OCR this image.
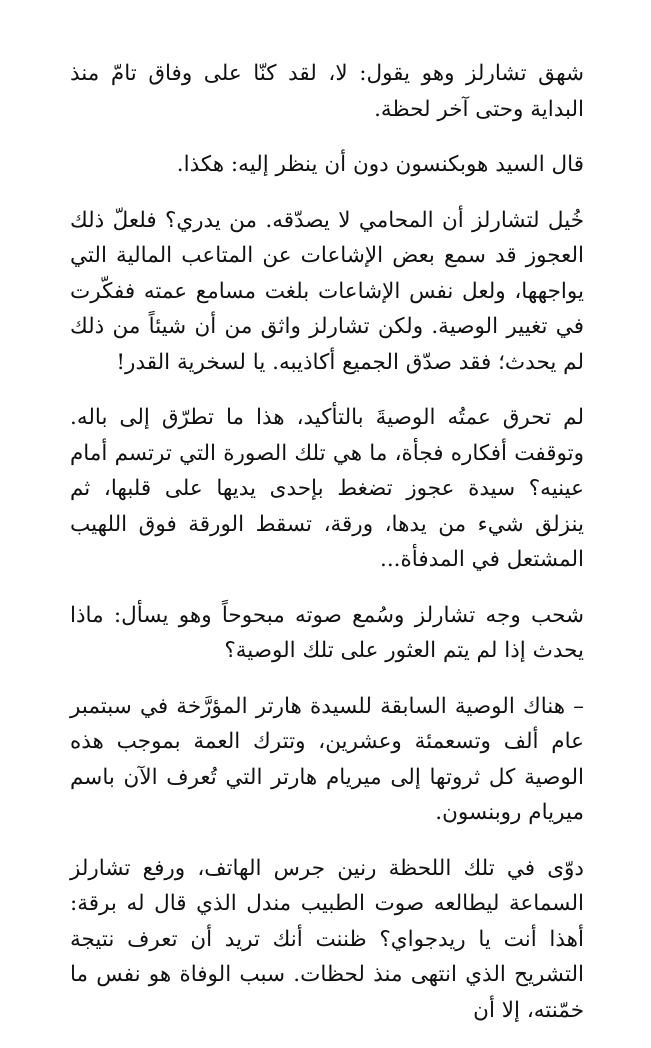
شهق تشارلز وهو يقول: لا، لقد كنّا على وفاق تامّ منذ البداية وحتى آخر لحظة.

قال السيد هوبكنسون دون أن ينظر إليه: هكذا.

خُيل لتشارلز أن المحامي لا يصدّقه. من يدري؟ فلعلّ ذلك العجوز قد سمع بعض الإشاعات عن المتاعب المالية التي يواجهها، ولعل نفس الإشاعات بلغت مسامع عمته ففكّرت في تغيير الوصية. ولكن تشارلز واثق من أن شيئاً من ذلك لم يحدث؛ فقد صدّق الجميع أكاذيبه. يا لسخرية القدر!

لم تحرق عمتُه الوصيةَ بالتأكيد، هذا ما تطرّق إلى باله. وتوقفت أفكاره فجأة، ما هي تلك الصورة التي ترتسم أمام عينيه؟ سيدة عجوز تضغط بإحدى يديها على قلبها، ثم ينزلق شيء من يدها، ورقة، تسقط الورقة فوق اللهيب المشتعل في المدفأة...

شحب وجه تشارلز وسُمع صوته مبحوحاً وهو يسأل: ماذا يحدث إذا لم يتم العثور على تلك الوصية؟

– هناك الوصية السابقة للسيدة هارتر المؤرَّخة في سبتمبر عام ألف وتسعمئة وعشرين، وتترك العمة بموجب هذه الوصية كل ثروتها إلى ميريام هارتر التي تُعرف الآن باسم ميريام روبنسون.

دوّى في تلك اللحظة رنين جرس الهاتف، ورفع تشارلز السماعة ليطالعه صوت الطبيب مندل الذي قال له برقة: أهذا أنت يا ريدجواي؟ ظننت أنك تريد أن تعرف نتيجة التشريح الذي انتهى منذ لحظات. سبب الوفاة هو نفس ما خمّنته، إلا أن
